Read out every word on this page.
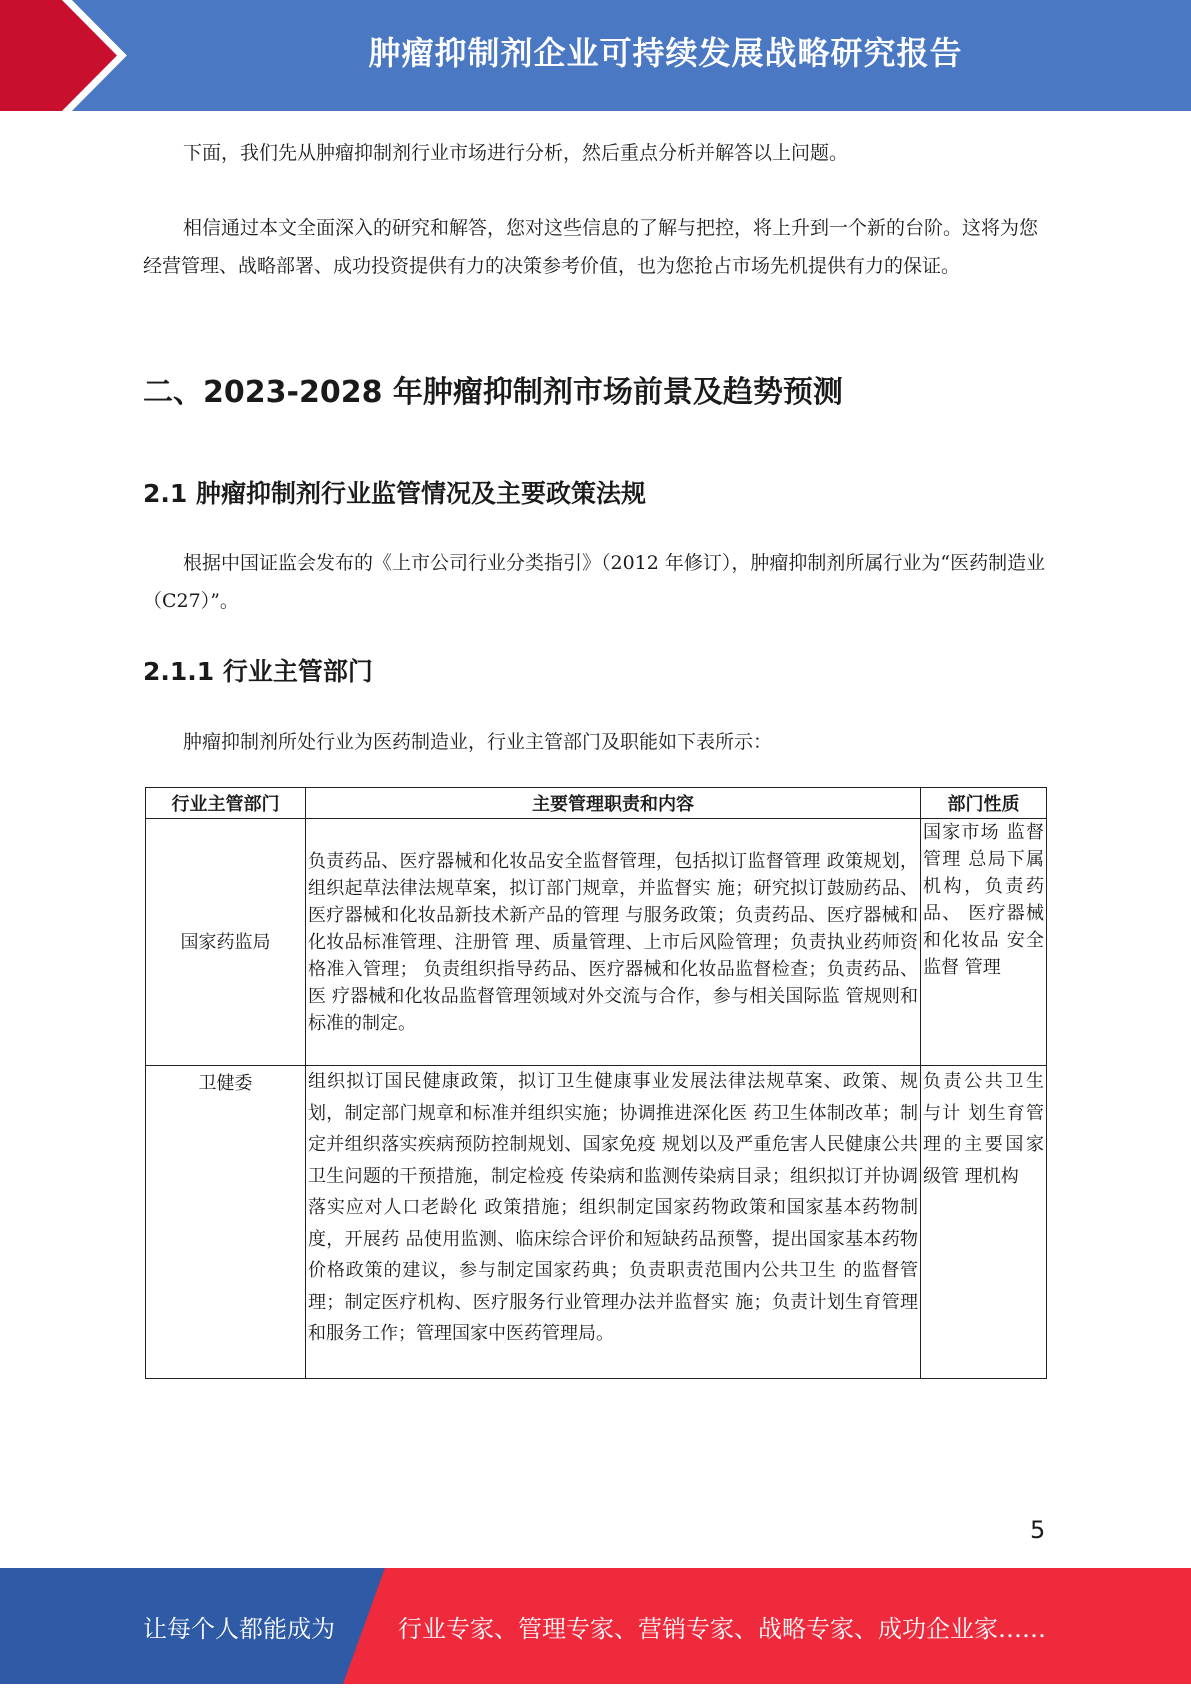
肿瘤抑制剂企业可持续发展战略研究报告

下面，我们先从肿瘤抑制剂行业市场进行分析，然后重点分析并解答以上问题。

相信通过本文全面深入的研究和解答，您对这些信息的了解与把控，将上升到一个新的台阶。这将为您经营管理、战略部署、成功投资提供有力的决策参考价值，也为您抢占市场先机提供有力的保证。

二、2023-2028 年肿瘤抑制剂市场前景及趋势预测
2.1 肿瘤抑制剂行业监管情况及主要政策法规

根据中国证监会发布的《上市公司行业分类指引》（2012 年修订），肿瘤抑制剂所属行业为“医药制造业（C27）”。

2.1.1 行业主管部门

肿瘤抑制剂所处行业为医药制造业，行业主管部门及职能如下表所示：

行业主管部门	主要管理职责和内容	部门性质
国家药监局	负责药品、医疗器械和化妆品安全监督管理，包括拟订监督管理 政策规划，组织起草法律法规草案，拟订部门规章，并监督实 施；研究拟订鼓励药品、医疗器械和化妆品新技术新产品的管理 与服务政策；负责药品、医疗器械和化妆品标准管理、注册管 理、质量管理、上市后风险管理；负责执业药师资格准入管理； 负责组织指导药品、医疗器械和化妆品监督检查；负责药品、医 疗器械和化妆品监督管理领域对外交流与合作，参与相关国际监 管规则和标准的制定。	国家市场 监督管理 总局下属 机构，负责药品、 医疗器械 和化妆品 安全监督 管理
卫健委	组织拟订国民健康政策，拟订卫生健康事业发展法律法规草案、政策、规划，制定部门规章和标准并组织实施；协调推进深化医 药卫生体制改革；制定并组织落实疾病预防控制规划、国家免疫 规划以及严重危害人民健康公共卫生问题的干预措施，制定检疫 传染病和监测传染病目录；组织拟订并协调落实应对人口老龄化 政策措施；组织制定国家药物政策和国家基本药物制度，开展药 品使用监测、临床综合评价和短缺药品预警，提出国家基本药物 价格政策的建议，参与制定国家药典；负责职责范围内公共卫生 的监督管理；制定医疗机构、医疗服务行业管理办法并监督实 施；负责计划生育管理和服务工作；管理国家中医药管理局。	负责公共卫生与计 划生育管 理的主要国家级管 理机构
5
让每个人都能成为	行业专家、管理专家、营销专家、战略专家、成功企业家……
